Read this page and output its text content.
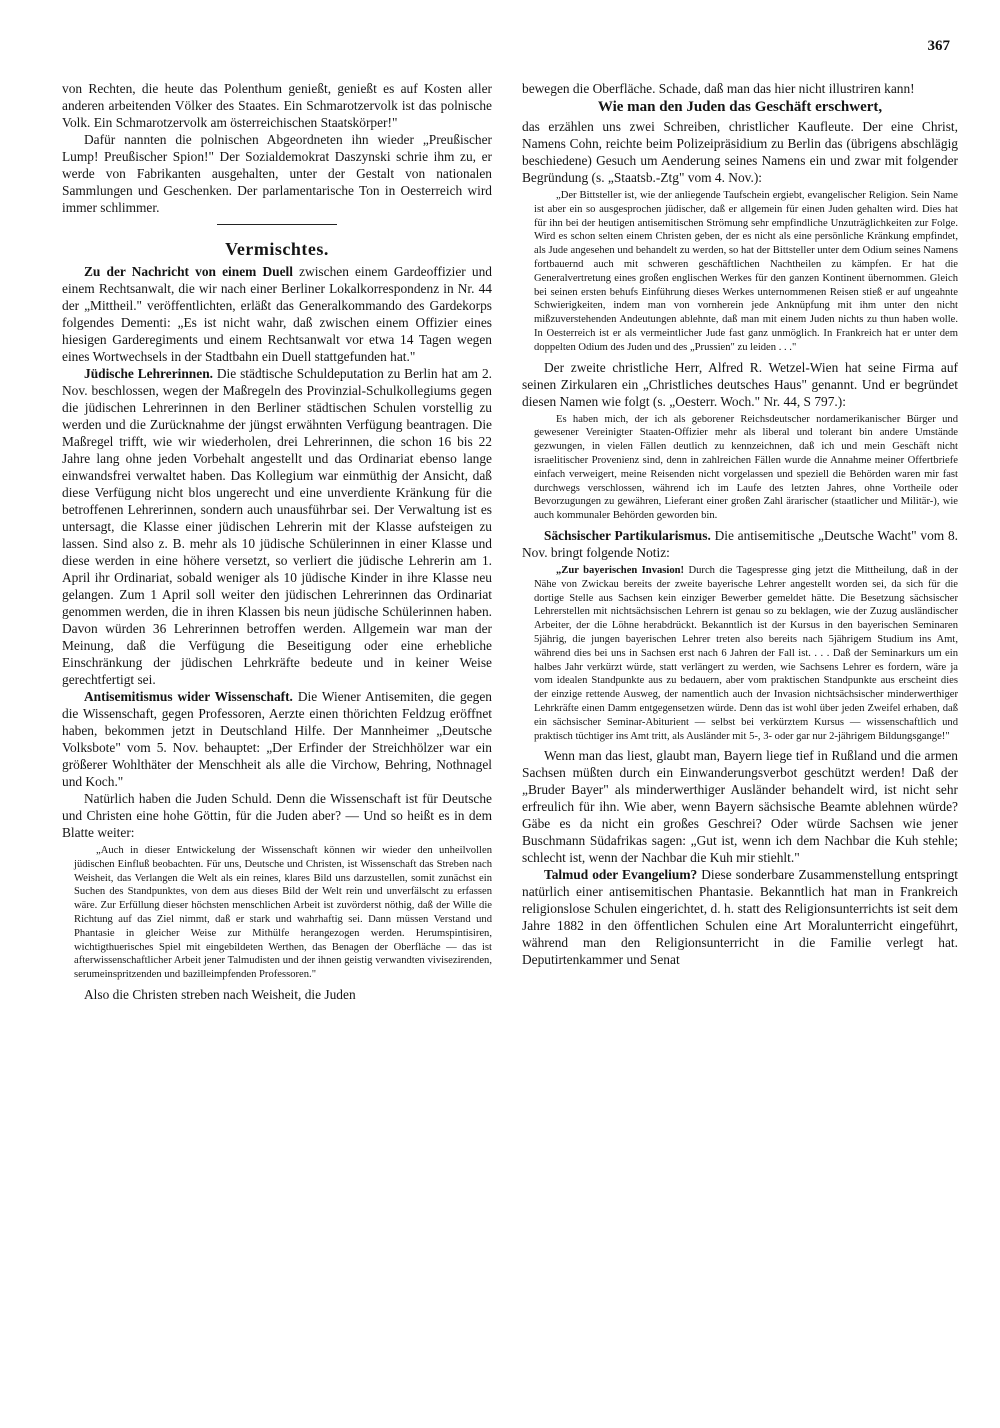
367

von Rechten, die heute das Polenthum genießt, genießt es auf Kosten aller anderen arbeitenden Völker des Staates. Ein Schmarotzervolk ist das polnische Volk. Ein Schmarotzervolk am österreichischen Staatskörper!"

Dafür nannten die polnischen Abgeordneten ihn wieder „Preußischer Lump! Preußischer Spion!" Der Sozialdemokrat Daszynski schrie ihm zu, er werde von Fabrikanten ausgehalten, unter der Gestalt von nationalen Sammlungen und Geschenken. Der parlamentarische Ton in Oesterreich wird immer schlimmer.

Vermischtes.

Zu der Nachricht von einem Duell zwischen einem Gardeoffizier und einem Rechtsanwalt, die wir nach einer Berliner Lokalkorrespondenz in Nr. 44 der „Mittheil." veröffentlichten, erläßt das Generalkommando des Gardekorps folgendes Dementi: „Es ist nicht wahr, daß zwischen einem Offizier eines hiesigen Garderegiments und einem Rechtsanwalt vor etwa 14 Tagen wegen eines Wortwechsels in der Stadtbahn ein Duell stattgefunden hat."

Jüdische Lehrerinnen. Die städtische Schuldeputation zu Berlin hat am 2. Nov. beschlossen, wegen der Maßregeln des Provinzial-Schulkollegiums gegen die jüdischen Lehrerinnen in den Berliner städtischen Schulen vorstellig zu werden und die Zurücknahme der jüngst erwähnten Verfügung beantragen. Die Maßregel trifft, wie wir wiederholen, drei Lehrerinnen, die schon 16 bis 22 Jahre lang ohne jeden Vorbehalt angestellt und das Ordinariat ebenso lange einwandsfrei verwaltet haben. Das Kollegium war einmüthig der Ansicht, daß diese Verfügung nicht blos ungerecht und eine unverdiente Kränkung für die betroffenen Lehrerinnen, sondern auch unausführbar sei. Der Verwaltung ist es untersagt, die Klasse einer jüdischen Lehrerin mit der Klasse aufsteigen zu lassen. Sind also z. B. mehr als 10 jüdische Schülerinnen in einer Klasse und diese werden in eine höhere versetzt, so verliert die jüdische Lehrerin am 1. April ihr Ordinariat, sobald weniger als 10 jüdische Kinder in ihre Klasse neu gelangen. Zum 1 April soll weiter den jüdischen Lehrerinnen das Ordinariat genommen werden, die in ihren Klassen bis neun jüdische Schülerinnen haben. Davon würden 36 Lehrerinnen betroffen werden. Allgemein war man der Meinung, daß die Verfügung die Beseitigung oder eine erhebliche Einschränkung der jüdischen Lehrkräfte bedeute und in keiner Weise gerechtfertigt sei.

Antisemitismus wider Wissenschaft. Die Wiener Antisemiten, die gegen die Wissenschaft, gegen Professoren, Aerzte einen thörichten Feldzug eröffnet haben, bekommen jetzt in Deutschland Hilfe. Der Mannheimer „Deutsche Volksbote" vom 5. Nov. behauptet: „Der Erfinder der Streichhölzer war ein größerer Wohlthäter der Menschheit als alle die Virchow, Behring, Nothnagel und Koch."

Natürlich haben die Juden Schuld. Denn die Wissenschaft ist für Deutsche und Christen eine hohe Göttin, für die Juden aber? — Und so heißt es in dem Blatte weiter:

„Auch in dieser Entwickelung der Wissenschaft können wir wieder den unheilvollen jüdischen Einfluß beobachten. Für uns, Deutsche und Christen, ist Wissenschaft das Streben nach Weisheit, das Verlangen die Welt als ein reines, klares Bild uns darzustellen, somit zunächst ein Suchen des Standpunktes, von dem aus dieses Bild der Welt rein und unverfälscht zu erfassen wäre. Zur Erfüllung dieser höchsten menschlichen Arbeit ist zuvörderst nöthig, daß der Wille die Richtung auf das Ziel nimmt, daß er stark und wahrhaftig sei. Dann müssen Verstand und Phantasie in gleicher Weise zur Mithülfe herangezogen werden. Herumspintisiren, wichtigthuerisches Spiel mit eingebildeten Werthen, das Benagen der Oberfläche — das ist afterwissenschaftlicher Arbeit jener Talmudisten und der ihnen geistig verwandten vivisezirenden, serumeinspritzenden und bazilleimpfenden Professoren."

Also die Christen streben nach Weisheit, die Juden

bewegen die Oberfläche. Schade, daß man das hier nicht illustriren kann!

Wie man den Juden das Geschäft erschwert,

das erzählen uns zwei Schreiben, christlicher Kaufleute. Der eine Christ, Namens Cohn, reichte beim Polizeipräsidium zu Berlin das (übrigens abschlägig beschiedene) Gesuch um Aenderung seines Namens ein und zwar mit folgender Begründung (s. „Staatsb.-Ztg" vom 4. Nov.):

„Der Bittsteller ist, wie der anliegende Taufschein ergiebt, evangelischer Religion. Sein Name ist aber ein so ausgesprochen jüdischer, daß er allgemein für einen Juden gehalten wird. Dies hat für ihn bei der heutigen antisemitischen Strömung sehr empfindliche Unzuträglichkeiten zur Folge. Wird es schon selten einem Christen geben, der es nicht als eine persönliche Kränkung empfindet, als Jude angesehen und behandelt zu werden, so hat der Bittsteller unter dem Odium seines Namens fortbauernd auch mit schweren geschäftlichen Nachtheilen zu kämpfen. Er hat die Generalvertretung eines großen englischen Werkes für den ganzen Kontinent übernommen. Gleich bei seinen ersten behufs Einführung dieses Werkes unternommenen Reisen stieß er auf ungeahnte Schwierigkeiten, indem man von vornherein jede Anknüpfung mit ihm unter den nicht mißzuverstehenden Andeutungen ablehnte, daß man mit einem Juden nichts zu thun haben wolle. In Oesterreich ist er als vermeintlicher Jude fast ganz unmöglich. In Frankreich hat er unter dem doppelten Odium des Juden und des „Prussien" zu leiden . . ."

Der zweite christliche Herr, Alfred R. Wetzel-Wien hat seine Firma auf seinen Zirkularen ein „Christliches deutsches Haus" genannt. Und er begründet diesen Namen wie folgt (s. „Oesterr. Woch." Nr. 44, S 797.):

Es haben mich, der ich als geborener Reichsdeutscher nordamerikanischer Bürger und gewesener Vereinigter Staaten-Offizier mehr als liberal und tolerant bin andere Umstände gezwungen, in vielen Fällen deutlich zu kennzeichnen, daß ich und mein Geschäft nicht israelitischer Provenienz sind, denn in zahlreichen Fällen wurde die Annahme meiner Offertbriefe einfach verweigert, meine Reisenden nicht vorgelassen und speziell die Behörden waren mir fast durchwegs verschlossen, während ich im Laufe des letzten Jahres, ohne Vortheile oder Bevorzugungen zu gewähren, Lieferant einer großen Zahl ärarischer (staatlicher und Militär-), wie auch kommunaler Behörden geworden bin.

Sächsischer Partikularismus. Die antisemitische „Deutsche Wacht" vom 8. Nov. bringt folgende Notiz:

„Zur bayerischen Invasion! Durch die Tagespresse ging jetzt die Mittheilung, daß in der Nähe von Zwickau bereits der zweite bayerische Lehrer angestellt worden sei, da sich für die dortige Stelle aus Sachsen kein einziger Bewerber gemeldet hätte. Die Besetzung sächsischer Lehrerstellen mit nichtsächsischen Lehrern ist genau so zu beklagen, wie der Zuzug ausländischer Arbeiter, der die Löhne herabdrückt. Bekanntlich ist der Kursus in den bayerischen Seminaren 5jährig, die jungen bayerischen Lehrer treten also bereits nach 5jährigem Studium ins Amt, während dies bei uns in Sachsen erst nach 6 Jahren der Fall ist. . . . Daß der Seminarkurs um ein halbes Jahr verkürzt würde, statt verlängert zu werden, wie Sachsens Lehrer es fordern, wäre ja vom idealen Standpunkte aus zu bedauern, aber vom praktischen Standpunkte aus erscheint dies der einzige rettende Ausweg, der namentlich auch der Invasion nichtsächsischer minderwerthiger Lehrkräfte einen Damm entgegensetzen würde. Denn das ist wohl über jeden Zweifel erhaben, daß ein sächsischer Seminar-Abiturient — selbst bei verkürztem Kursus — wissenschaftlich und praktisch tüchtiger ins Amt tritt, als Ausländer mit 5-, 3- oder gar nur 2-jährigem Bildungsgange!"

Wenn man das liest, glaubt man, Bayern liege tief in Rußland und die armen Sachsen müßten durch ein Einwanderungsverbot geschützt werden! Daß der „Bruder Bayer" als minderwerthiger Ausländer behandelt wird, ist nicht sehr erfreulich für ihn. Wie aber, wenn Bayern sächsische Beamte ablehnen würde? Gäbe es da nicht ein großes Geschrei? Oder würde Sachsen wie jener Buschmann Südafrikas sagen: „Gut ist, wenn ich dem Nachbar die Kuh stehle; schlecht ist, wenn der Nachbar die Kuh mir stiehlt."

Talmud oder Evangelium? Diese sonderbare Zusammenstellung entspringt natürlich einer antisemitischen Phantasie. Bekanntlich hat man in Frankreich religionslose Schulen eingerichtet, d. h. statt des Religionsunterrichts ist seit dem Jahre 1882 in den öffentlichen Schulen eine Art Moralunterricht eingeführt, während man den Religionsunterricht in die Familie verlegt hat. Deputirtenkammer und Senat
